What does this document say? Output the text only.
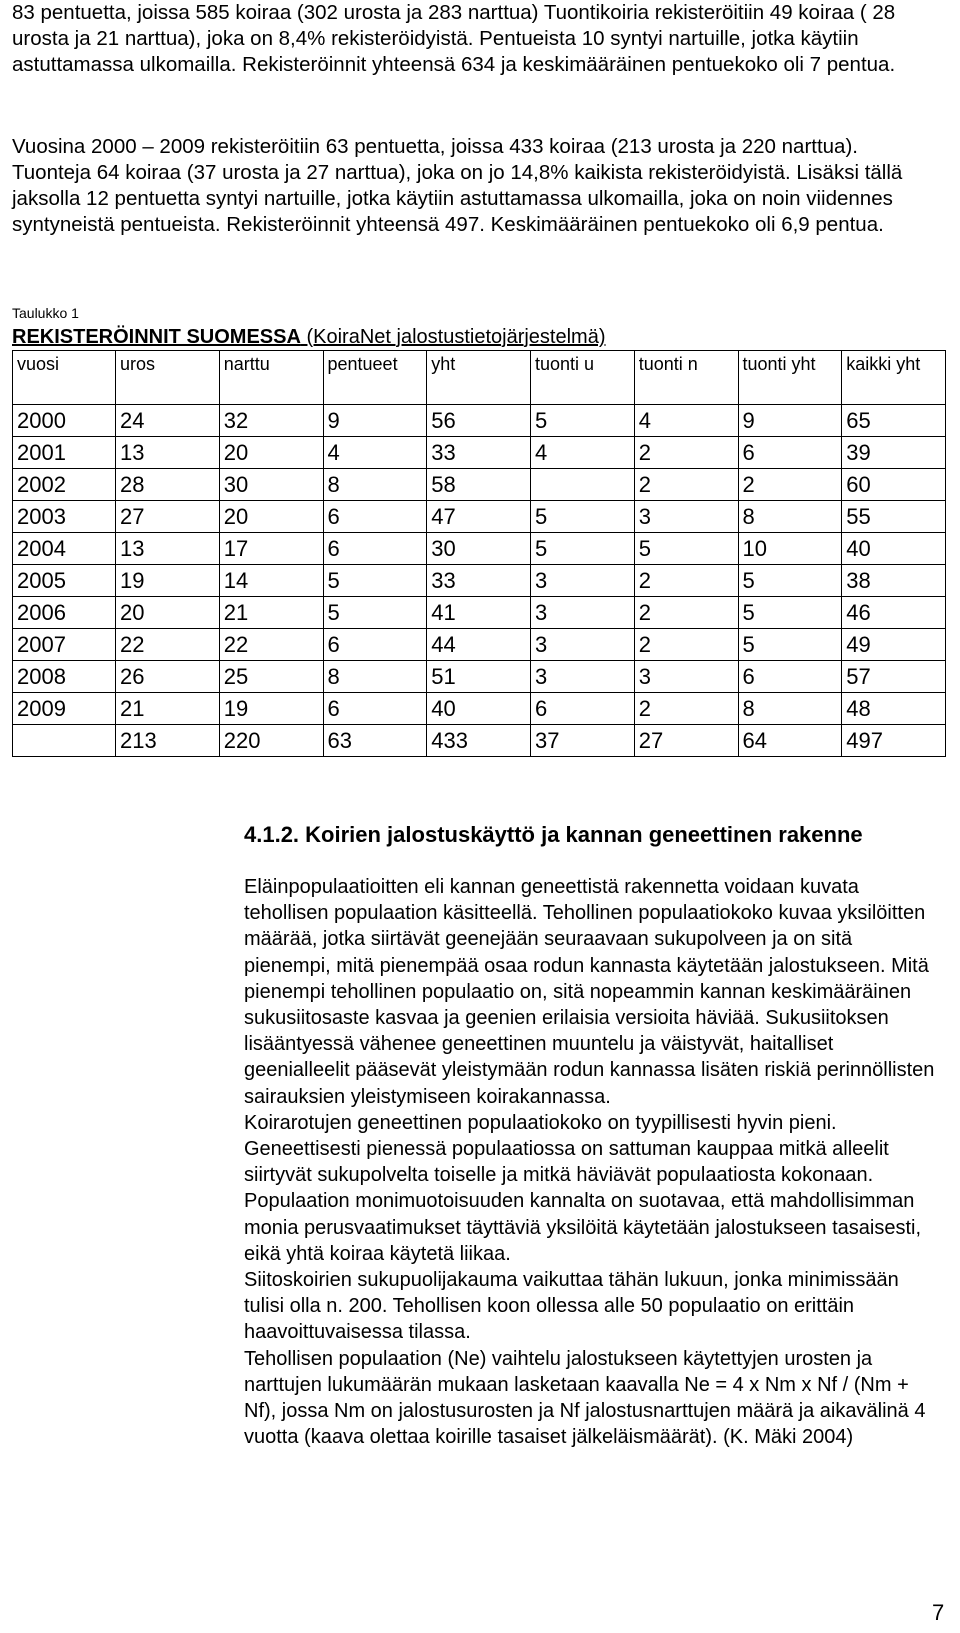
83 pentuetta, joissa 585 koiraa (302 urosta ja 283 narttua) Tuontikoiria rekisteröitiin 49 koiraa ( 28 urosta ja 21 narttua), joka on 8,4% rekisteröidyistä. Pentueista 10 syntyi nartuille, jotka käytiin astuttamassa ulkomailla. Rekisteröinnit yhteensä 634 ja keskimääräinen pentuekoko oli 7 pentua.

Vuosina 2000 – 2009 rekisteröitiin 63 pentuetta, joissa 433 koiraa (213 urosta ja 220 narttua). Tuonteja 64 koiraa (37 urosta ja 27 narttua), joka on jo 14,8% kaikista rekisteröidyistä. Lisäksi tällä jaksolla 12 pentuetta syntyi nartuille, jotka käytiin astuttamassa ulkomailla, joka on noin viidennes syntyneistä pentueista. Rekisteröinnit yhteensä 497. Keskimääräinen pentuekoko oli 6,9 pentua.

Taulukko 1
REKISTERÖINNIT SUOMESSA (KoiraNet jalostustietojärjestelmä)
vuosi	uros	narttu	pentueet	yht	tuonti u	tuonti n	tuonti yht	kaikki yht
2000	24	32	9	56	5	4	9	65
2001	13	20	4	33	4	2	6	39
2002	28	30	8	58		2	2	60
2003	27	20	6	47	5	3	8	55
2004	13	17	6	30	5	5	10	40
2005	19	14	5	33	3	2	5	38
2006	20	21	5	41	3	2	5	46
2007	22	22	6	44	3	2	5	49
2008	26	25	8	51	3	3	6	57
2009	21	19	6	40	6	2	8	48
	213	220	63	433	37	27	64	497
4.1.2. Koirien jalostuskäyttö ja kannan geneettinen rakenne

Eläinpopulaatioitten eli kannan geneettistä rakennetta voidaan kuvata tehollisen populaation käsitteellä. Tehollinen populaatiokoko kuvaa yksilöitten määrää, jotka siirtävät geenejään seuraavaan sukupolveen ja on sitä pienempi, mitä pienempää osaa rodun kannasta käytetään jalostukseen. Mitä pienempi tehollinen populaatio on, sitä nopeammin kannan keskimääräinen sukusiitosaste kasvaa ja geenien erilaisia versioita häviää. Sukusiitoksen lisääntyessä vähenee geneettinen muuntelu ja väistyvät, haitalliset geenialleelit pääsevät yleistymään rodun kannassa lisäten riskiä perinnöllisten sairauksien yleistymiseen koirakannassa.

Koirarotujen geneettinen populaatiokoko on tyypillisesti hyvin pieni. Geneettisesti pienessä populaatiossa on sattuman kauppaa mitkä alleelit siirtyvät sukupolvelta toiselle ja mitkä häviävät populaatiosta kokonaan. Populaation monimuotoisuuden kannalta on suotavaa, että mahdollisimman monia perusvaatimukset täyttäviä yksilöitä käytetään jalostukseen tasaisesti, eikä yhtä koiraa käytetä liikaa.

Siitoskoirien sukupuolijakauma vaikuttaa tähän lukuun, jonka minimissään tulisi olla n. 200. Tehollisen koon ollessa alle 50 populaatio on erittäin haavoittuvaisessa tilassa.

Tehollisen populaation (Ne) vaihtelu jalostukseen käytettyjen urosten ja narttujen lukumäärän mukaan lasketaan kaavalla Ne = 4 x Nm x Nf / (Nm + Nf), jossa Nm on jalostusurosten ja Nf jalostusnarttujen määrä ja aikavälinä 4 vuotta (kaava olettaa koirille tasaiset jälkeläismäärät). (K. Mäki 2004)

7
